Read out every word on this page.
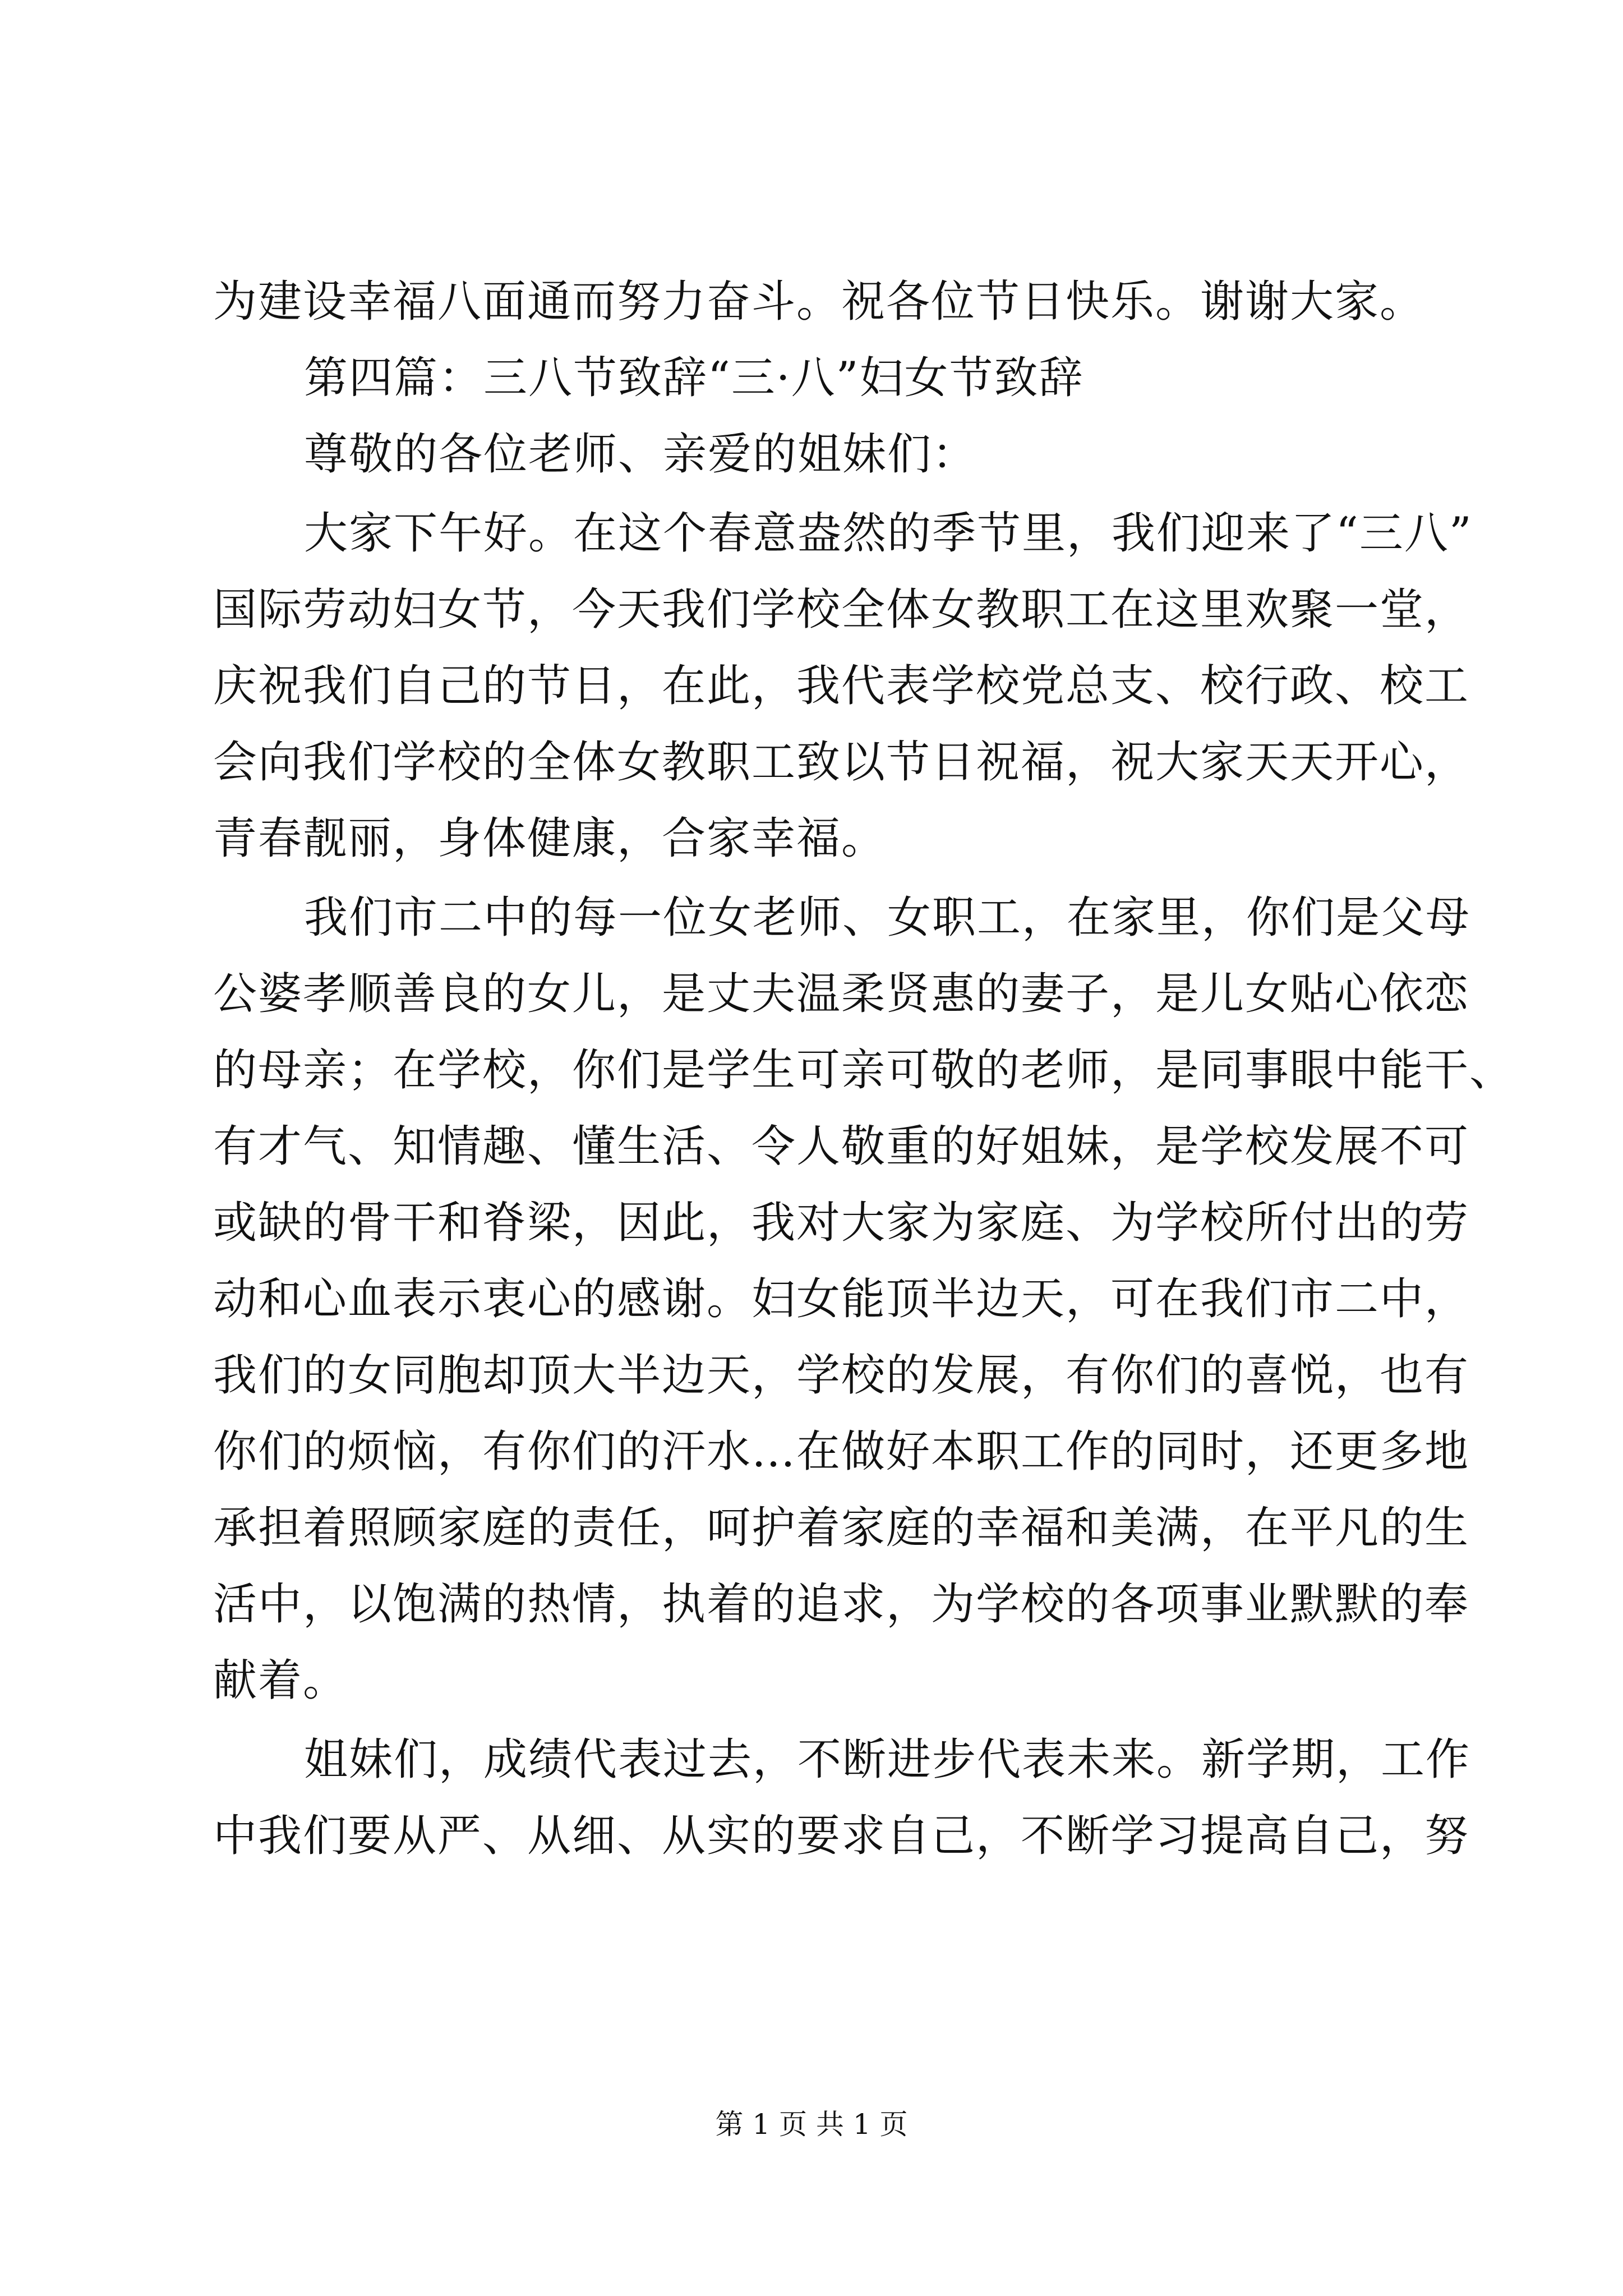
为建设幸福八面通而努力奋斗。祝各位节日快乐。谢谢大家。
第四篇：三八节致辞“三·八”妇女节致辞
尊敬的各位老师、亲爱的姐妹们：
大家下午好。在这个春意盎然的季节里，我们迎来了“三八”
国际劳动妇女节，今天我们学校全体女教职工在这里欢聚一堂，
庆祝我们自己的节日，在此，我代表学校党总支、校行政、校工
会向我们学校的全体女教职工致以节日祝福，祝大家天天开心，
青春靓丽，身体健康，合家幸福。
我们市二中的每一位女老师、女职工，在家里，你们是父母
公婆孝顺善良的女儿，是丈夫温柔贤惠的妻子，是儿女贴心依恋
的母亲；在学校，你们是学生可亲可敬的老师，是同事眼中能干、
有才气、知情趣、懂生活、令人敬重的好姐妹，是学校发展不可
或缺的骨干和脊梁，因此，我对大家为家庭、为学校所付出的劳
动和心血表示衷心的感谢。妇女能顶半边天，可在我们市二中，
我们的女同胞却顶大半边天，学校的发展，有你们的喜悦，也有
你们的烦恼，有你们的汗水…在做好本职工作的同时，还更多地
承担着照顾家庭的责任，呵护着家庭的幸福和美满，在平凡的生
活中，以饱满的热情，执着的追求，为学校的各项事业默默的奉
献着。
姐妹们，成绩代表过去，不断进步代表未来。新学期，工作
中我们要从严、从细、从实的要求自己，不断学习提高自己，努
第 1 页 共 1 页
